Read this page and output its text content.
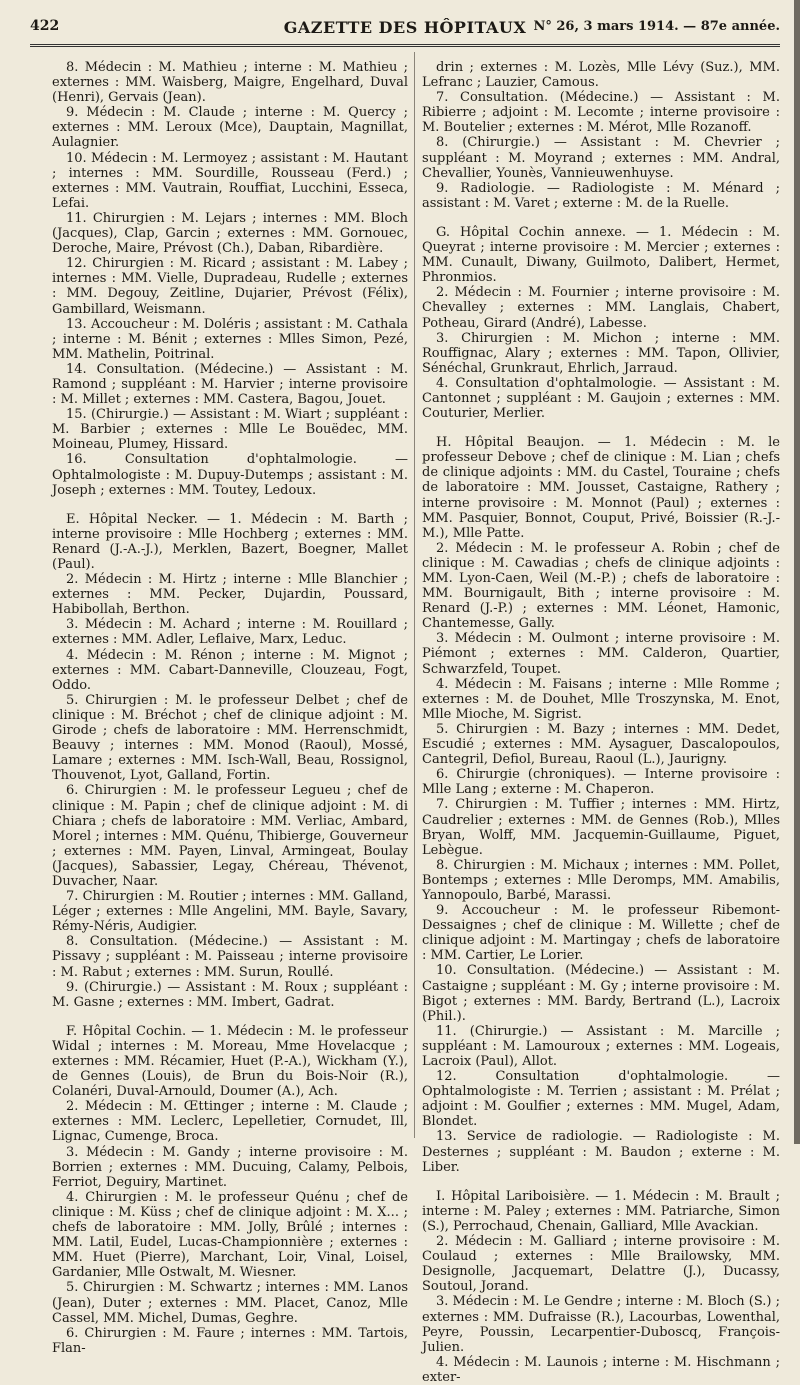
422	GAZETTE DES HÔPITAUX N° 26, 3 mars 1914. — 87e année.

8. Médecin : M. Mathieu ; interne : M. Mathieu ; externes : MM. Waisberg, Maigre, Engelhard, Duval (Henri), Gervais (Jean).

9. Médecin : M. Claude ; interne : M. Quercy ; externes : MM. Leroux (Mce), Dauptain, Magnillat, Aulagnier.

10. Médecin : M. Lermoyez ; assistant : M. Hautant ; internes : MM. Sourdille, Rousseau (Ferd.) ; externes : MM. Vautrain, Rouffiat, Lucchini, Esseca, Lefai.

11. Chirurgien : M. Lejars ; internes : MM. Bloch (Jacques), Clap, Garcin ; externes : MM. Gornouec, Deroche, Maire, Prévost (Ch.), Daban, Ribardière.

12. Chirurgien : M. Ricard ; assistant : M. Labey ; internes : MM. Vielle, Dupradeau, Rudelle ; externes : MM. Degouy, Zeitline, Dujarier, Prévost (Félix), Gambillard, Weismann.

13. Accoucheur : M. Doléris ; assistant : M. Cathala ; interne : M. Bénit ; externes : Mlles Simon, Pezé, MM. Mathelin, Poitrinal.

14. Consultation. (Médecine.) — Assistant : M. Ramond ; suppléant : M. Harvier ; interne provisoire : M. Millet ; externes : MM. Castera, Bagou, Jouet.

15. (Chirurgie.) — Assistant : M. Wiart ; suppléant : M. Barbier ; externes : Mlle Le Bouëdec, MM. Moineau, Plumey, Hissard.

16. Consultation d'ophtalmologie. — Ophtalmologiste : M. Dupuy-Dutemps ; assistant : M. Joseph ; externes : MM. Toutey, Ledoux.

E. Hôpital Necker. — 1. Médecin : M. Barth ; interne provisoire : Mlle Hochberg ; externes : MM. Renard (J.-A.-J.), Merklen, Bazert, Boegner, Mallet (Paul).

2. Médecin : M. Hirtz ; interne : Mlle Blanchier ; externes : MM. Pecker, Dujardin, Poussard, Habibollah, Berthon.

3. Médecin : M. Achard ; interne : M. Rouillard ; externes : MM. Adler, Leflaive, Marx, Leduc.

4. Médecin : M. Rénon ; interne : M. Mignot ; externes : MM. Cabart-Danneville, Clouzeau, Fogt, Oddo.

5. Chirurgien : M. le professeur Delbet ; chef de clinique : M. Bréchot ; chef de clinique adjoint : M. Girode ; chefs de laboratoire : MM. Herrenschmidt, Beauvy ; internes : MM. Monod (Raoul), Mossé, Lamare ; externes : MM. Isch-Wall, Beau, Rossignol, Thouvenot, Lyot, Galland, Fortin.

6. Chirurgien : M. le professeur Legueu ; chef de clinique : M. Papin ; chef de clinique adjoint : M. di Chiara ; chefs de laboratoire : MM. Verliac, Ambard, Morel ; internes : MM. Quénu, Thibierge, Gouverneur ; externes : MM. Payen, Linval, Armingeat, Boulay (Jacques), Sabassier, Legay, Chéreau, Thévenot, Duvacher, Naar.

7. Chirurgien : M. Routier ; internes : MM. Galland, Léger ; externes : Mlle Angelini, MM. Bayle, Savary, Rémy-Néris, Audigier.

8. Consultation. (Médecine.) — Assistant : M. Pissavy ; suppléant : M. Paisseau ; interne provisoire : M. Rabut ; externes : MM. Surun, Roullé.

9. (Chirurgie.) — Assistant : M. Roux ; suppléant : M. Gasne ; externes : MM. Imbert, Gadrat.

F. Hôpital Cochin. — 1. Médecin : M. le professeur Widal ; internes : M. Moreau, Mme Hovelacque ; externes : MM. Récamier, Huet (P.-A.), Wickham (Y.), de Gennes (Louis), de Brun du Bois-Noir (R.), Colanéri, Duval-Arnould, Doumer (A.), Ach.

2. Médecin : M. Œttinger ; interne : M. Claude ; externes : MM. Leclerc, Lepelletier, Cornudet, Ill, Lignac, Cumenge, Broca.

3. Médecin : M. Gandy ; interne provisoire : M. Borrien ; externes : MM. Ducuing, Calamy, Pelbois, Ferriot, Deguiry, Martinet.

4. Chirurgien : M. le professeur Quénu ; chef de clinique : M. Küss ; chef de clinique adjoint : M. X... ; chefs de laboratoire : MM. Jolly, Brûlé ; internes : MM. Latil, Eudel, Lucas-Championnière ; externes : MM. Huet (Pierre), Marchant, Loir, Vinal, Loisel, Gardanier, Mlle Ostwalt, M. Wiesner.

5. Chirurgien : M. Schwartz ; internes : MM. Lanos (Jean), Duter ; externes : MM. Placet, Canoz, Mlle Cassel, MM. Michel, Dumas, Geghre.

6. Chirurgien : M. Faure ; internes : MM. Tartois, Flan-

drin ; externes : M. Lozès, Mlle Lévy (Suz.), MM. Lefranc ; Lauzier, Camous.

7. Consultation. (Médecine.) — Assistant : M. Ribierre ; adjoint : M. Lecomte ; interne provisoire : M. Boutelier ; externes : M. Mérot, Mlle Rozanoff.

8. (Chirurgie.) — Assistant : M. Chevrier ; suppléant : M. Moyrand ; externes : MM. Andral, Chevallier, Younès, Vannieuwenhuyse.

9. Radiologie. — Radiologiste : M. Ménard ; assistant : M. Varet ; externe : M. de la Ruelle.

G. Hôpital Cochin annexe. — 1. Médecin : M. Queyrat ; interne provisoire : M. Mercier ; externes : MM. Cunault, Diwany, Guilmoto, Dalibert, Hermet, Phronmios.

2. Médecin : M. Fournier ; interne provisoire : M. Chevalley ; externes : MM. Langlais, Chabert, Potheau, Girard (André), Labesse.

3. Chirurgien : M. Michon ; interne : MM. Rouffignac, Alary ; externes : MM. Tapon, Ollivier, Sénéchal, Grunkraut, Ehrlich, Jarraud.

4. Consultation d'ophtalmologie. — Assistant : M. Cantonnet ; suppléant : M. Gaujoin ; externes : MM. Couturier, Merlier.

H. Hôpital Beaujon. — 1. Médecin : M. le professeur Debove ; chef de clinique : M. Lian ; chefs de clinique adjoints : MM. du Castel, Touraine ; chefs de laboratoire : MM. Jousset, Castaigne, Rathery ; interne provisoire : M. Monnot (Paul) ; externes : MM. Pasquier, Bonnot, Couput, Privé, Boissier (R.-J.-M.), Mlle Patte.

2. Médecin : M. le professeur A. Robin ; chef de clinique : M. Cawadias ; chefs de clinique adjoints : MM. Lyon-Caen, Weil (M.-P.) ; chefs de laboratoire : MM. Bournigault, Bith ; interne provisoire : M. Renard (J.-P.) ; externes : MM. Léonet, Hamonic, Chantemesse, Gally.

3. Médecin : M. Oulmont ; interne provisoire : M. Piémont ; externes : MM. Calderon, Quartier, Schwarzfeld, Toupet.

4. Médecin : M. Faisans ; interne : Mlle Romme ; externes : M. de Douhet, Mlle Troszynska, M. Enot, Mlle Mioche, M. Sigrist.

5. Chirurgien : M. Bazy ; internes : MM. Dedet, Escudié ; externes : MM. Aysaguer, Dascalopoulos, Cantegril, Defiol, Bureau, Raoul (L.), Jaurigny.

6. Chirurgie (chroniques). — Interne provisoire : Mlle Lang ; externe : M. Chaperon.

7. Chirurgien : M. Tuffier ; internes : MM. Hirtz, Caudrelier ; externes : MM. de Gennes (Rob.), Mlles Bryan, Wolff, MM. Jacquemin-Guillaume, Piguet, Lebègue.

8. Chirurgien : M. Michaux ; internes : MM. Pollet, Bontemps ; externes : Mlle Deromps, MM. Amabilis, Yannopoulo, Barbé, Marassi.

9. Accoucheur : M. le professeur Ribemont-Dessaignes ; chef de clinique : M. Willette ; chef de clinique adjoint : M. Martingay ; chefs de laboratoire : MM. Cartier, Le Lorier.

10. Consultation. (Médecine.) — Assistant : M. Castaigne ; suppléant : M. Gy ; interne provisoire : M. Bigot ; externes : MM. Bardy, Bertrand (L.), Lacroix (Phil.).

11. (Chirurgie.) — Assistant : M. Marcille ; suppléant : M. Lamouroux ; externes : MM. Logeais, Lacroix (Paul), Allot.

12. Consultation d'ophtalmologie. — Ophtalmologiste : M. Terrien ; assistant : M. Prélat ; adjoint : M. Goulfier ; externes : MM. Mugel, Adam, Blondet.

13. Service de radiologie. — Radiologiste : M. Desternes ; suppléant : M. Baudon ; externe : M. Liber.

I. Hôpital Lariboisière. — 1. Médecin : M. Brault ; interne : M. Paley ; externes : MM. Patriarche, Simon (S.), Perrochaud, Chenain, Galliard, Mlle Avackian.

2. Médecin : M. Galliard ; interne provisoire : M. Coulaud ; externes : Mlle Brailowsky, MM. Designolle, Jacquemart, Delattre (J.), Ducassy, Soutoul, Jorand.

3. Médecin : M. Le Gendre ; interne : M. Bloch (S.) ; externes : MM. Dufraisse (R.), Lacourbas, Lowenthal, Peyre, Poussin, Lecarpentier-Duboscq, François-Julien.

4. Médecin : M. Launois ; interne : M. Hischmann ; exter-
